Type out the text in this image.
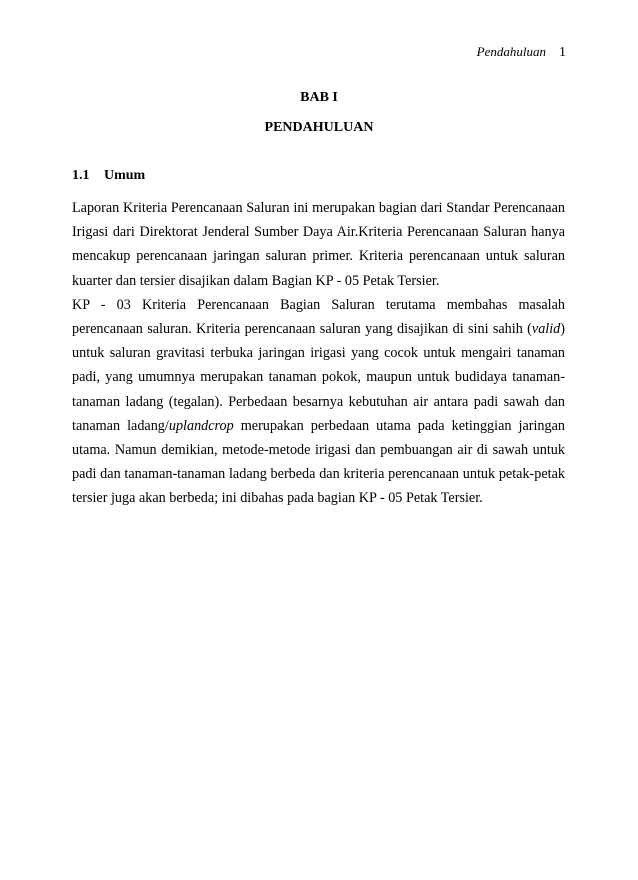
Pendahuluan 1
BAB I
PENDAHULUAN
1.1 Umum

Laporan Kriteria Perencanaan Saluran ini merupakan bagian dari Standar Perencanaan Irigasi dari Direktorat Jenderal Sumber Daya Air.Kriteria Perencanaan Saluran hanya mencakup perencanaan jaringan saluran primer. Kriteria perencanaan untuk saluran kuarter dan tersier disajikan dalam Bagian KP - 05 Petak Tersier.

KP - 03 Kriteria Perencanaan Bagian Saluran terutama membahas masalah perencanaan saluran. Kriteria perencanaan saluran yang disajikan di sini sahih (valid) untuk saluran gravitasi terbuka jaringan irigasi yang cocok untuk mengairi tanaman padi, yang umumnya merupakan tanaman pokok, maupun untuk budidaya tanaman-tanaman ladang (tegalan). Perbedaan besarnya kebutuhan air antara padi sawah dan tanaman ladang/uplandcrop merupakan perbedaan utama pada ketinggian jaringan utama. Namun demikian, metode-metode irigasi dan pembuangan air di sawah untuk padi dan tanaman-tanaman ladang berbeda dan kriteria perencanaan untuk petak-petak tersier juga akan berbeda; ini dibahas pada bagian KP - 05 Petak Tersier.
